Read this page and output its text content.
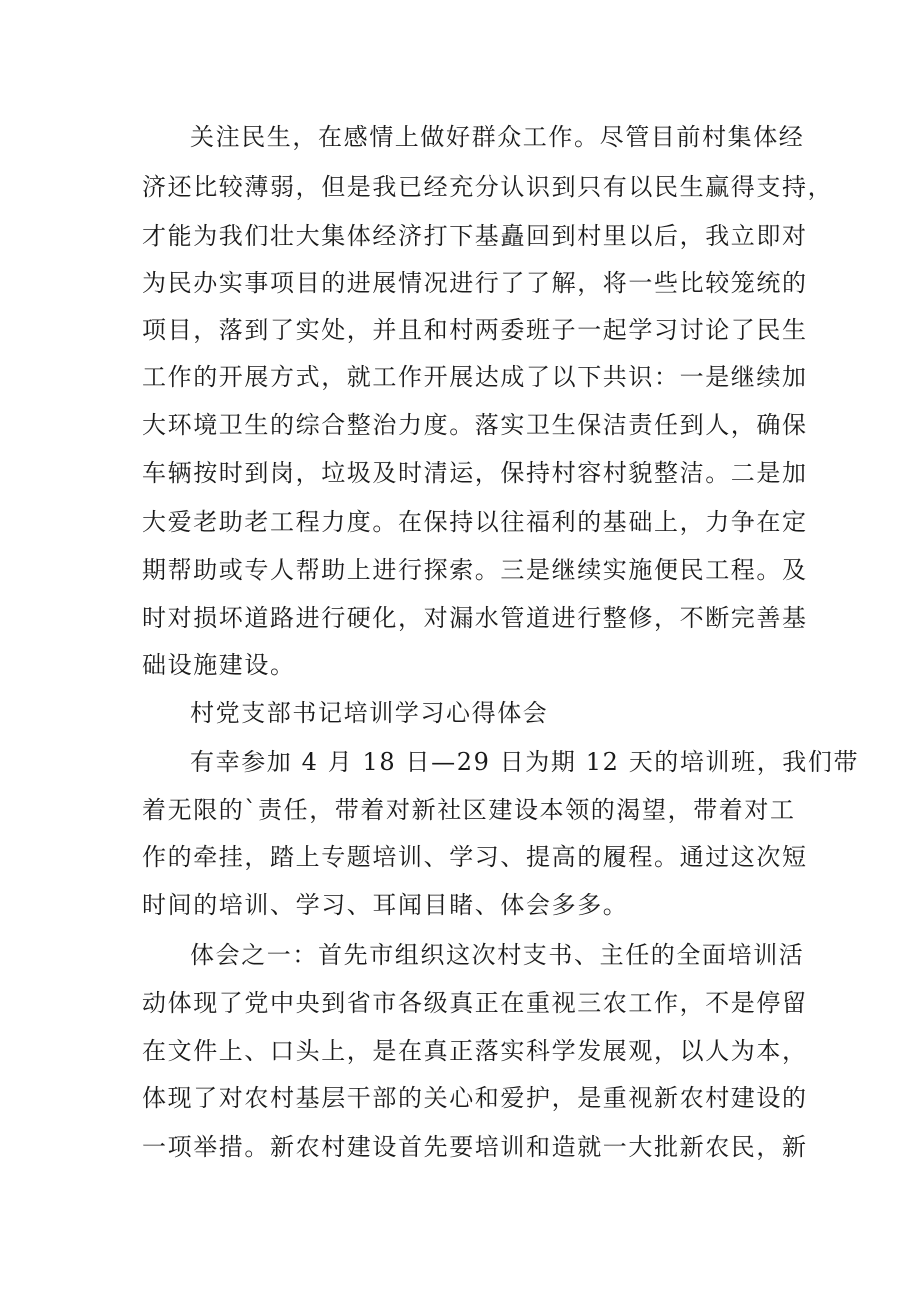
关注民生，在感情上做好群众工作。尽管目前村集体经
济还比较薄弱，但是我已经充分认识到只有以民生赢得支持，
才能为我们壮大集体经济打下基矗回到村里以后，我立即对
为民办实事项目的进展情况进行了了解，将一些比较笼统的
项目，落到了实处，并且和村两委班子一起学习讨论了民生
工作的开展方式，就工作开展达成了以下共识：一是继续加
大环境卫生的综合整治力度。落实卫生保洁责任到人，确保
车辆按时到岗，垃圾及时清运，保持村容村貌整洁。二是加
大爱老助老工程力度。在保持以往福利的基础上，力争在定
期帮助或专人帮助上进行探索。三是继续实施便民工程。及
时对损坏道路进行硬化，对漏水管道进行整修，不断完善基
础设施建设。
村党支部书记培训学习心得体会
有幸参加 4 月 18 日—29 日为期 12 天的培训班，我们带
着无限的`责任，带着对新社区建设本领的渴望，带着对工
作的牵挂，踏上专题培训、学习、提高的履程。通过这次短
时间的培训、学习、耳闻目睹、体会多多。
体会之一：首先市组织这次村支书、主任的全面培训活
动体现了党中央到省市各级真正在重视三农工作，不是停留
在文件上、口头上，是在真正落实科学发展观，以人为本，
体现了对农村基层干部的关心和爱护，是重视新农村建设的
一项举措。新农村建设首先要培训和造就一大批新农民，新
